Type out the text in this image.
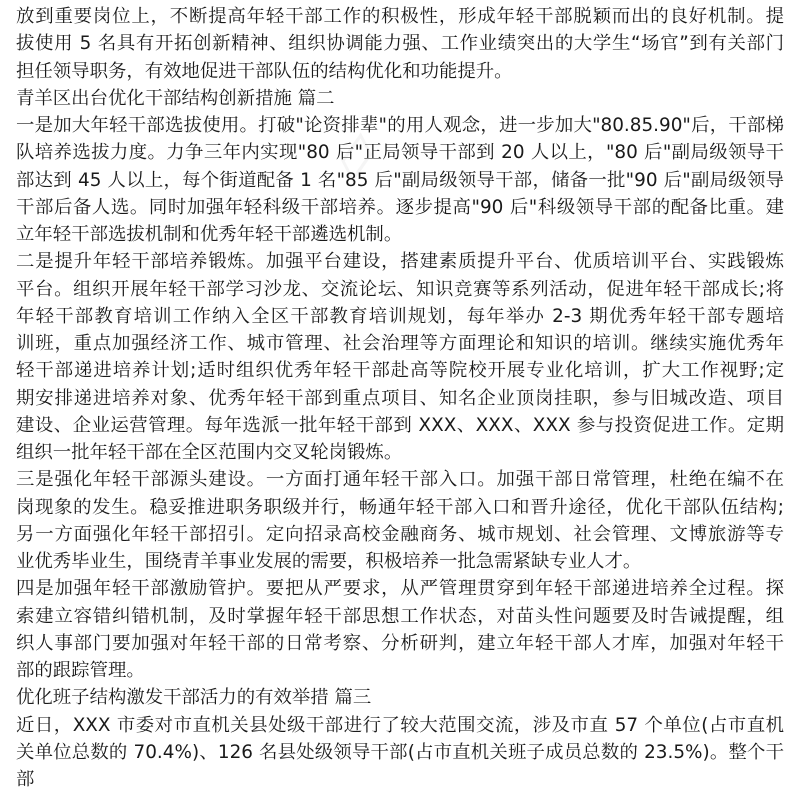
放到重要岗位上，不断提高年轻干部工作的积极性，形成年轻干部脱颖而出的良好机制。提
拔使用 5 名具有开拓创新精神、组织协调能力强、工作业绩突出的大学生“场官”到有关部门
担任领导职务，有效地促进干部队伍的结构优化和功能提升。
青羊区出台优化干部结构创新措施 篇二
一是加大年轻干部选拔使用。打破"论资排辈"的用人观念，进一步加大"80.85.90"后，干部梯
队培养选拔力度。力争三年内实现"80 后"正局领导干部到 20 人以上，"80 后"副局级领导干
部达到 45 人以上，每个街道配备 1 名"85 后"副局级领导干部，储备一批"90 后"副局级领导
干部后备人选。同时加强年轻科级干部培养。逐步提高"90 后"科级领导干部的配备比重。建
立年轻干部选拔机制和优秀年轻干部遴选机制。
二是提升年轻干部培养锻炼。加强平台建设，搭建素质提升平台、优质培训平台、实践锻炼
平台。组织开展年轻干部学习沙龙、交流论坛、知识竞赛等系列活动，促进年轻干部成长;将
年轻干部教育培训工作纳入全区干部教育培训规划，每年举办 2-3 期优秀年轻干部专题培
训班，重点加强经济工作、城市管理、社会治理等方面理论和知识的培训。继续实施优秀年
轻干部递进培养计划;适时组织优秀年轻干部赴高等院校开展专业化培训，扩大工作视野;定
期安排递进培养对象、优秀年轻干部到重点项目、知名企业顶岗挂职，参与旧城改造、项目
建设、企业运营管理。每年选派一批年轻干部到 XXX、XXX、XXX 参与投资促进工作。定期
组织一批年轻干部在全区范围内交叉轮岗锻炼。
三是强化年轻干部源头建设。一方面打通年轻干部入口。加强干部日常管理，杜绝在编不在
岗现象的发生。稳妥推进职务职级并行，畅通年轻干部入口和晋升途径，优化干部队伍结构;
另一方面强化年轻干部招引。定向招录高校金融商务、城市规划、社会管理、文博旅游等专
业优秀毕业生，围绕青羊事业发展的需要，积极培养一批急需紧缺专业人才。
四是加强年轻干部激励管护。要把从严要求，从严管理贯穿到年轻干部递进培养全过程。探
索建立容错纠错机制，及时掌握年轻干部思想工作状态，对苗头性问题要及时告诫提醒，组
织人事部门要加强对年轻干部的日常考察、分析研判，建立年轻干部人才库，加强对年轻干
部的跟踪管理。
优化班子结构激发干部活力的有效举措 篇三
近日，XXX 市委对市直机关县处级干部进行了较大范围交流，涉及市直 57 个单位(占市直机
关单位总数的 70.4%)、126 名县处级领导干部(占市直机关班子成员总数的 23.5%)。整个干部
